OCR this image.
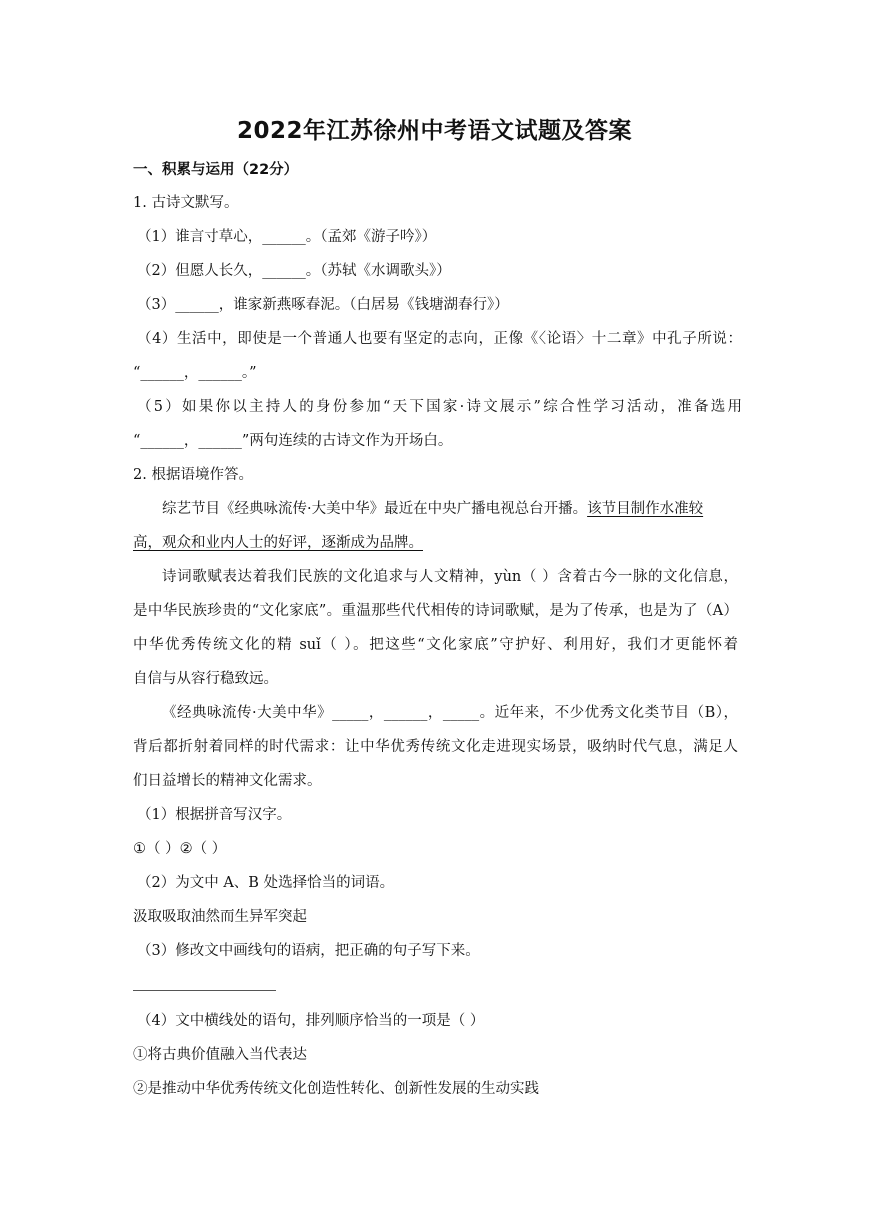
2022年江苏徐州中考语文试题及答案
一、积累与运用（22分）
1. 古诗文默写。
（1）谁言寸草心，______。（孟郊《游子吟》）
（2）但愿人长久，______。（苏轼《水调歌头》）
（3）______，谁家新燕啄春泥。（白居易《钱塘湖春行》）
（4）生活中，即使是一个普通人也要有坚定的志向，正像《〈论语〉十二章》中孔子所说：
“______，______。”
（5）如果你以主持人的身份参加“天下国家·诗文展示”综合性学习活动，准备选用
“______，______”两句连续的古诗文作为开场白。
2. 根据语境作答。
综艺节目《经典咏流传·大美中华》最近在中央广播电视总台开播。该节目制作水准较
高，观众和业内人士的好评，逐渐成为品牌。
诗词歌赋表达着我们民族的文化追求与人文精神，yùn（ ）含着古今一脉的文化信息，
是中华民族珍贵的“文化家底”。重温那些代代相传的诗词歌赋，是为了传承，也是为了（A）
中华优秀传统文化的精 suǐ（ ）。把这些“文化家底”守护好、利用好，我们才更能怀着
自信与从容行稳致远。
《经典咏流传·大美中华》_____，______，_____。近年来，不少优秀文化类节目（B），
背后都折射着同样的时代需求：让中华优秀传统文化走进现实场景，吸纳时代气息，满足人
们日益增长的精神文化需求。
（1）根据拼音写汉字。
①（ ）②（ ）
（2）为文中 A、B 处选择恰当的词语。
汲取吸取油然而生异军突起
（3）修改文中画线句的语病，把正确的句子写下来。
（4）文中横线处的语句，排列顺序恰当的一项是（ ）
①将古典价值融入当代表达
②是推动中华优秀传统文化创造性转化、创新性发展的生动实践
